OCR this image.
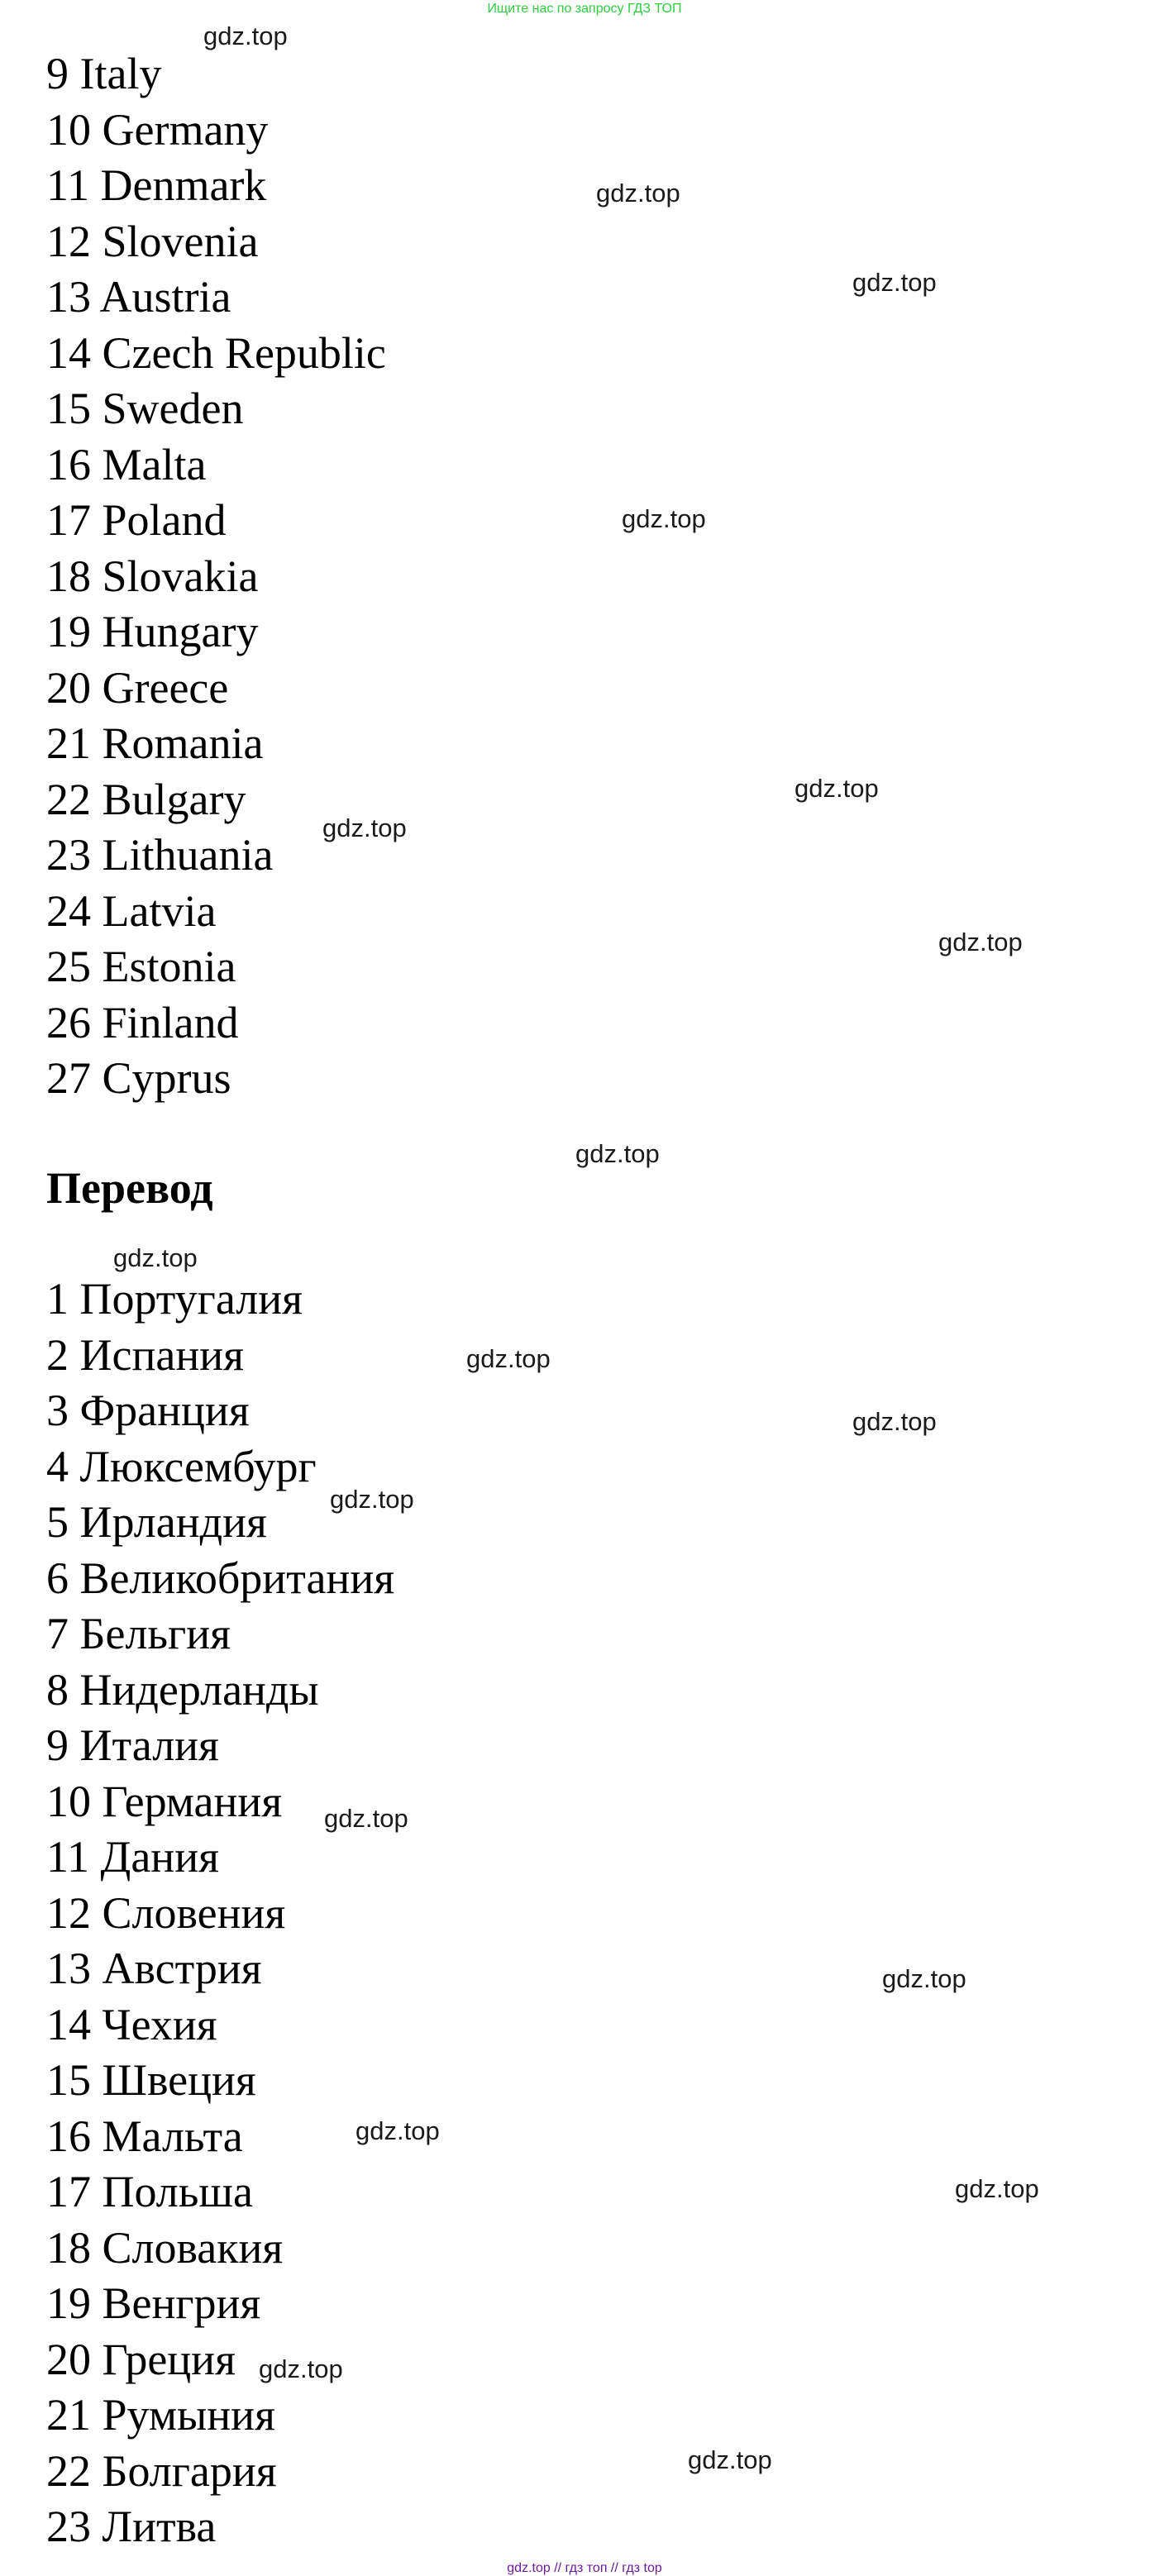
Ищите нас по запросу ГДЗ ТОП
9 Italy
10 Germany
11 Denmark
12 Slovenia
13 Austria
14 Czech Republic
15 Sweden
16 Malta
17 Poland
18 Slovakia
19 Hungary
20 Greece
21 Romania
22 Bulgary
23 Lithuania
24 Latvia
25 Estonia
26 Finland
27 Cyprus
Перевод
1 Португалия
2 Испания
3 Франция
4 Люксембург
5 Ирландия
6 Великобритания
7 Бельгия
8 Нидерланды
9 Италия
10 Германия
11 Дания
12 Словения
13 Австрия
14 Чехия
15 Швеция
16 Мальта
17 Польша
18 Словакия
19 Венгрия
20 Греция
21 Румыния
22 Болгария
23 Литва
gdz.top
gdz.top
gdz.top
gdz.top
gdz.top
gdz.top
gdz.top
gdz.top
gdz.top
gdz.top
gdz.top
gdz.top
gdz.top
gdz.top
gdz.top
gdz.top
gdz.top
gdz.top
gdz.top // гдз топ // гдз top
